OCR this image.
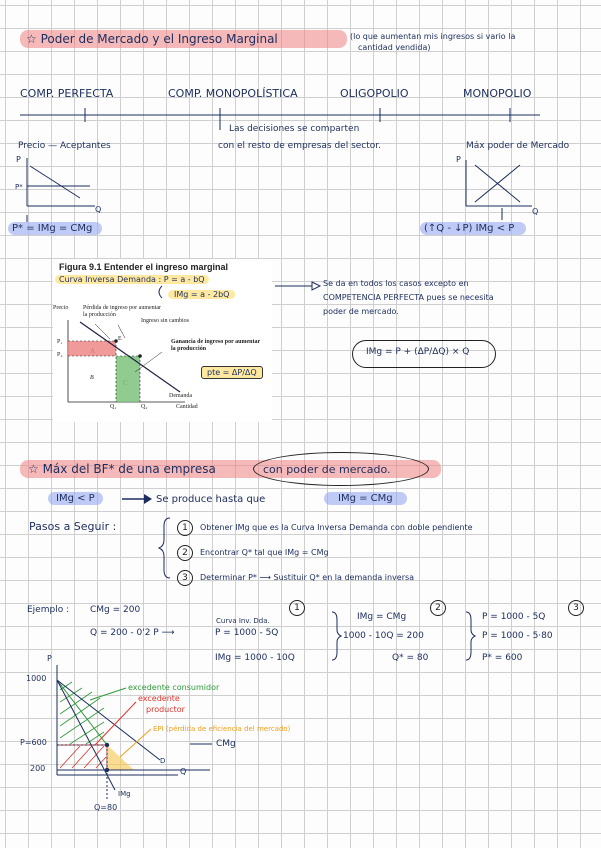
☆ Poder de Mercado y el Ingreso Marginal	(lo que aumentan mis ingresos si vario la
cantidad vendida)
COMP. PERFECTA	COMP. MONOPOLÍSTICA	OLIGOPOLIO	MONOPOLIO
Las decisiones se comparten
con el resto de empresas del sector.
Precio — Aceptantes
P
P*
Q
P* = IMg = CMg
Máx poder de Mercado
P
Q
(↑Q - ↓P) IMg < P
Figura 9.1 Entender el ingreso marginal
Curva Inversa Demanda : P = a - bQ
IMg = a - 2bQ
Precio Pérdida de ingreso por aumentar la producción
Ingreso sin cambios
Ganancia de ingreso por aumentar la producción
P₁
P₂
B
E
Q₁	Q₂	Cantidad
Demanda
pte = ΔP/ΔQ
Se da en todos los casos excepto en
COMPETENCIA PERFECTA pues se necesita
poder de mercado.
IMg = P + (ΔP/ΔQ) × Q
☆ Máx del BF* de una empresa	con poder de mercado.
IMg < P	Se produce hasta que	IMg = CMg
Pasos a Seguir :	1	Obtener IMg que es la Curva Inversa Demanda con doble pendiente
2	Encontrar Q* tal que IMg = CMg
3	Determinar P* ⟶ Sustituir Q* en la demanda inversa
Ejemplo : CMg = 200
Q = 200 - 0'2 P ⟶
Curva Inv. Dda.
P = 1000 - 5Q
IMg = 1000 - 10Q
1	2	3
IMg = CMg
1000 - 10Q = 200
Q* = 80
P = 1000 - 5Q
P = 1000 - 5·80
P* = 600
P
1000
P=600
200
Q=80
Q
IMg
D
CMg
excedente consumidor
excedente
productor
EPI (pérdida de eficiencia del mercado)
